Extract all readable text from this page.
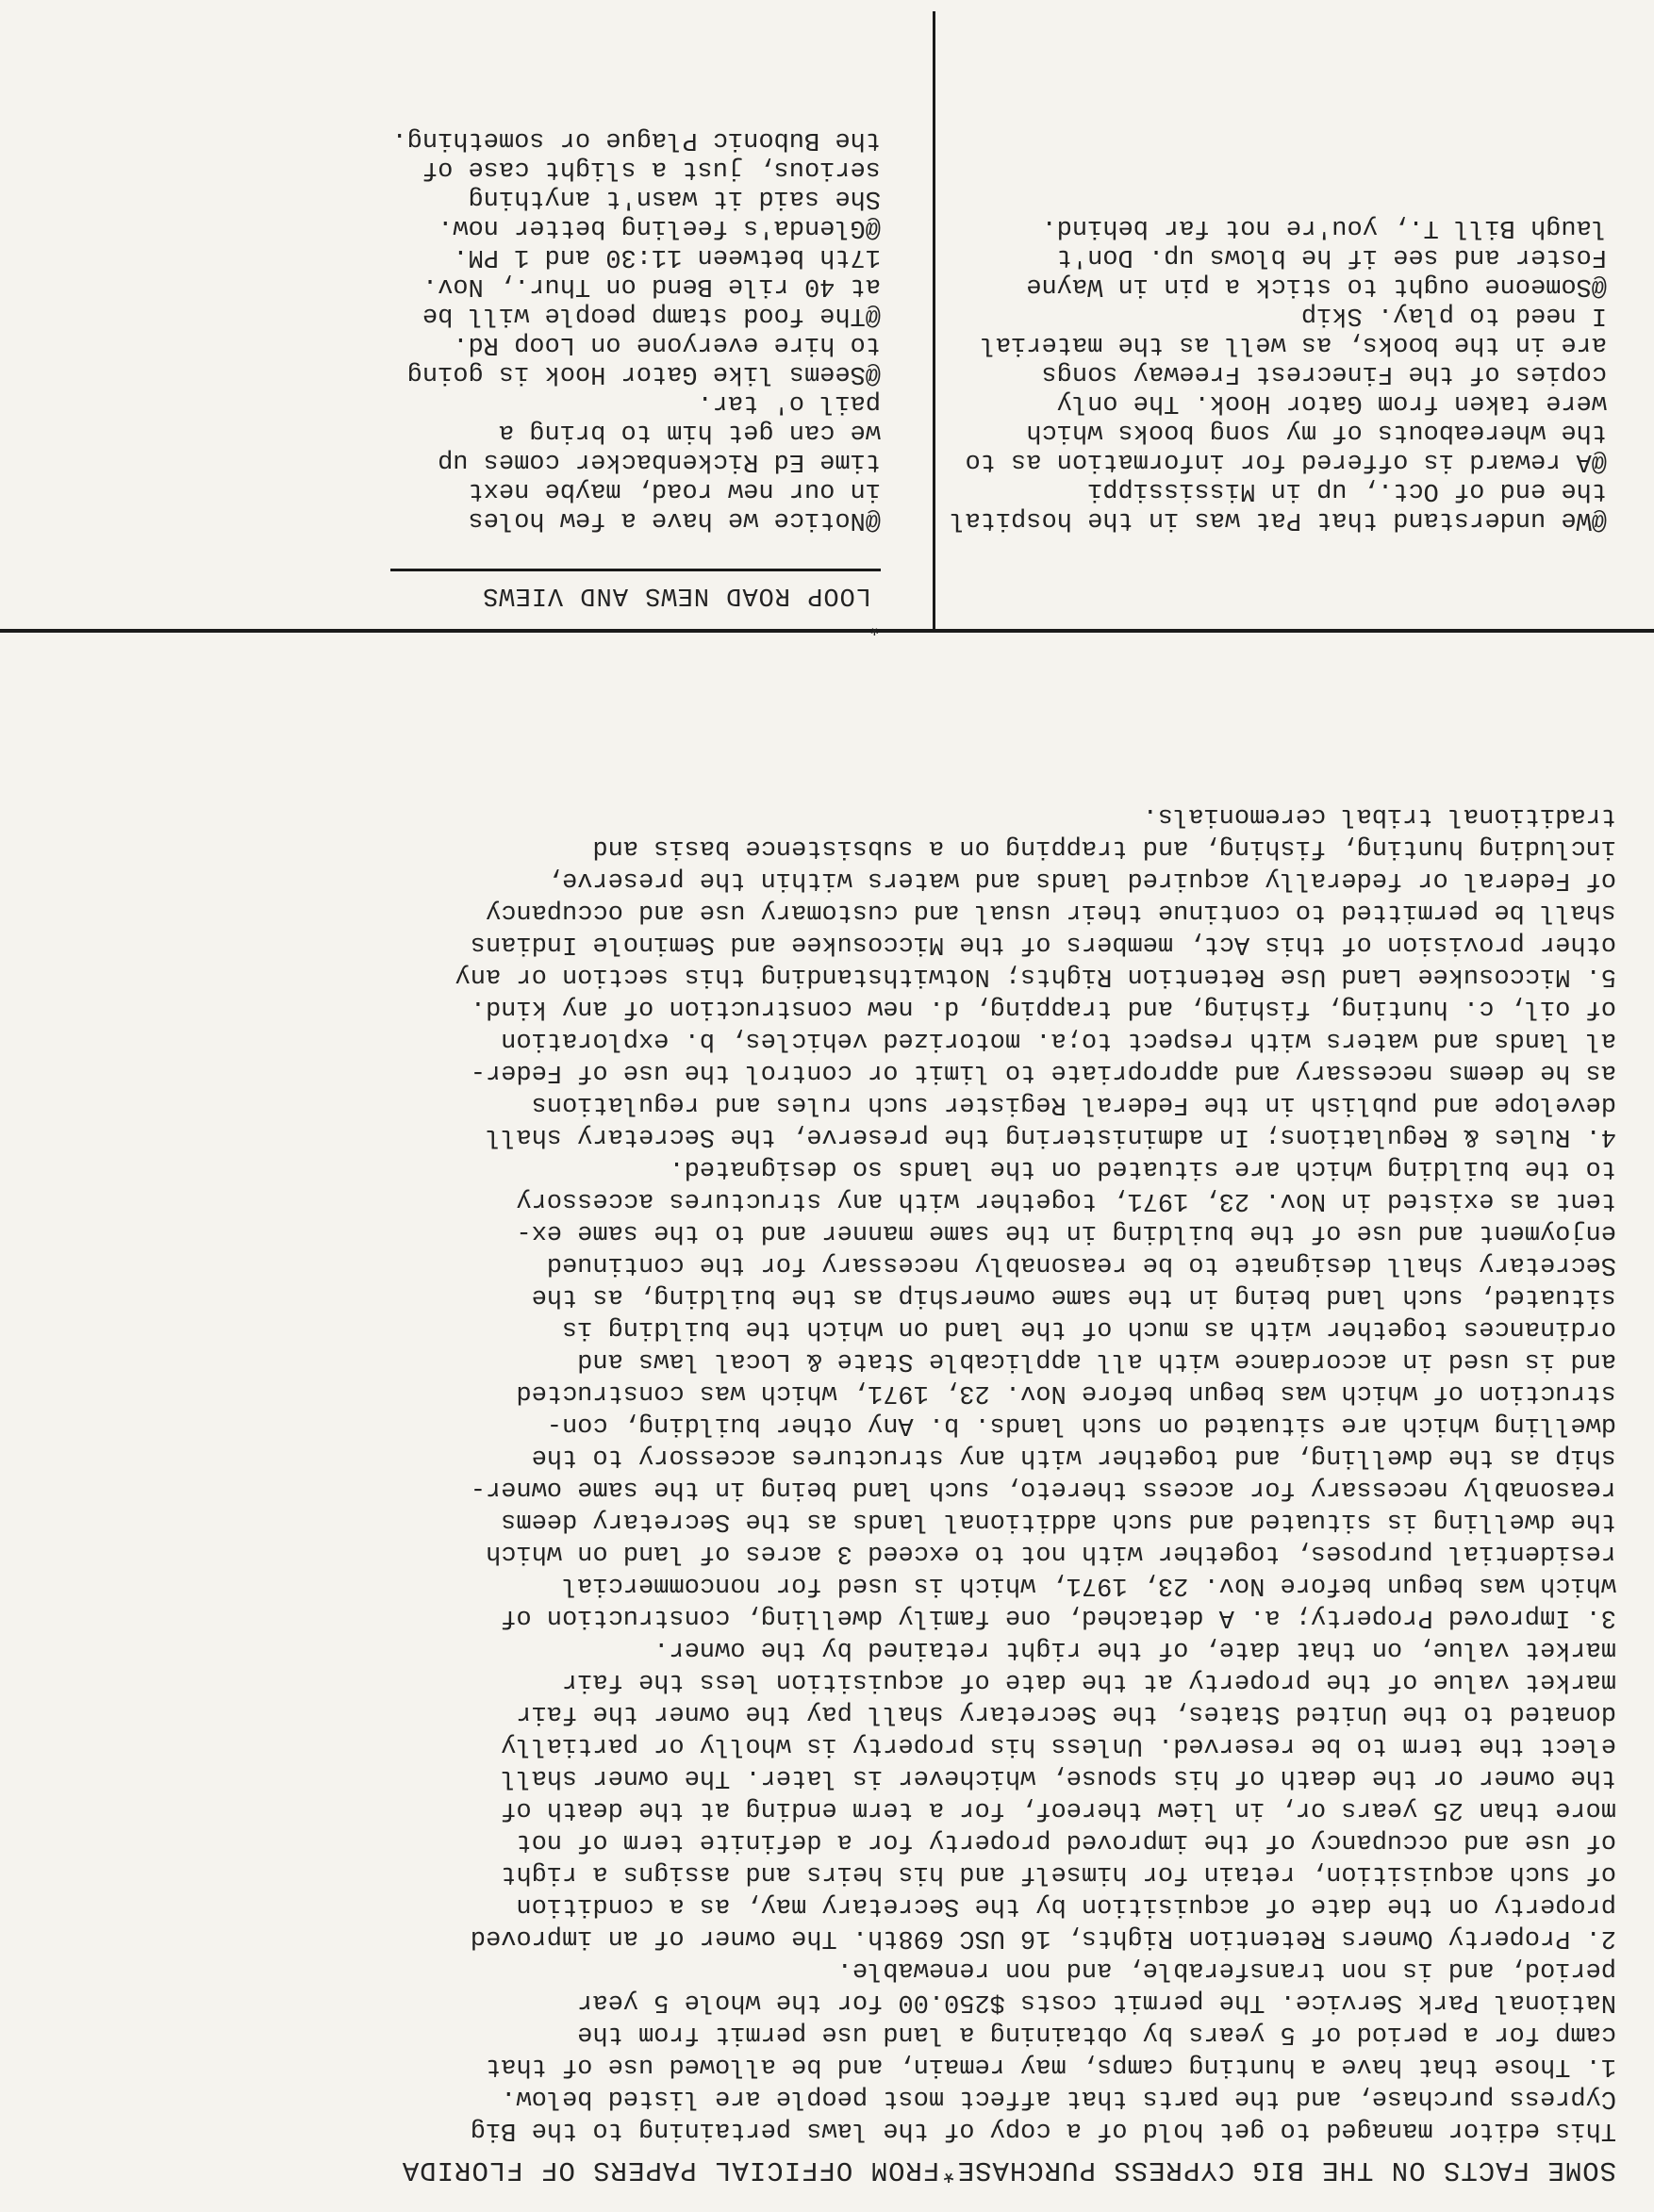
SOME FACTS ON THE BIG CYPRESS PURCHASE*FROM OFFICIAL PAPERS OF FLORIDA

This editor managed to get hold of a copy of the laws pertaining to the Big

Cypress purchase, and the parts that affect most people are listed below.

1. Those that have a hunting camps, may remain, and be allowed use of that

camp for a period of 5 years by obtaining a land use permit from the

National Park Service. The permit costs $250.00 for the whole 5 year

period, and is non transferable, and non renewable.

2. Property Owners Retention Rights, 16 USC 698th. The owner of an improved

property on the date of acquisition by the Secretary may, as a condition

of such acquisition, retain for himself and his heirs and assigns a right

of use and occupancy of the improved property for a definite term of not

more than 25 years or, in liew thereof, for a term ending at the death of

the owner or the death of his spouse, whichever is later. The owner shall

elect the term to be reserved. Unless his property is wholly or partially

donated to the United States, the Secretary shall pay the owner the fair

market value of the property at the date of acquisition less the fair

market value, on that date, of the right retained by the owner.

3. Improved Property; a. A detached, one family dwelling, construction of

which was begun before Nov. 23, 1971, which is used for noncommercial

residential purposes, together with not to exceed 3 acres of land on which

the dwelling is situated and such additional lands as the Secretary deems

reasonably necessary for access thereto, such land being in the same owner-

ship as the dwelling, and together with any structures accessory to the

dwelling which are situated on such lands. b. Any other building, con-

struction of which was begun before Nov. 23, 1971, which was constructed

and is used in accordance with all applicable State & Local laws and

ordinances together with as much of the land on which the building is

situated, such land being in the same ownership as the building, as the

Secretary shall designate to be reasonably necessary for the continued

enjoyment and use of the building in the same manner and to the same ex-

tent as existed in Nov. 23, 1971, together with any structures accessory

to the building which are situated on the lands so designated.

4. Rules & Regulations; In administering the preserve, the Secretary shall

develope and publish in the Federal Register such rules and regulations

as he deems necessary and appropriate to limit or control the use of Feder-

al lands and waters with respect to;a. motorized vehicles, b. exploration

of oil, c. hunting, fishing, and trapping, d. new construction of any kind.

5. Miccosukee Land Use Retention Rights; Notwithstanding this section or any

other provision of this Act, members of the Miccosukee and Seminole Indians

shall be permitted to continue their usual and customary use and occupancy

of Federal or federally acquired lands and waters within the preserve,

including hunting, fishing, and trapping on a subsistence basis and

traditional tribal ceremonials.

@We understand that Pat was in the hospital

the end of Oct., up in Mississippi

@A reward is offered for information as to

the whereabouts of my song books which

were taken from Gator Hook. The only

copies of the Finecrest Freeway songs

are in the books, as well as the material

I need to play. Skip

@Someone ought to stick a pin in Wayne

Foster and see if he blows up. Don't

laugh Bill T., you're not far behind.

*
LOOP ROAD NEWS AND VIEWS

@Notice we have a few holes

in our new road, maybe next

time Ed Rickenbacker comes up

we can get him to bring a

pail o' tar.

@Seems like Gator Hook is going

to hire everyone on Loop Rd.

@The food stamp people will be

at 40 rile Bend on Thur., Nov.

17th between 11:30 and 1 PM.

@Glenda's feeling better now.

She said it wasn't anything

serious, just a slight case of

the Bubonic Plague or something.
